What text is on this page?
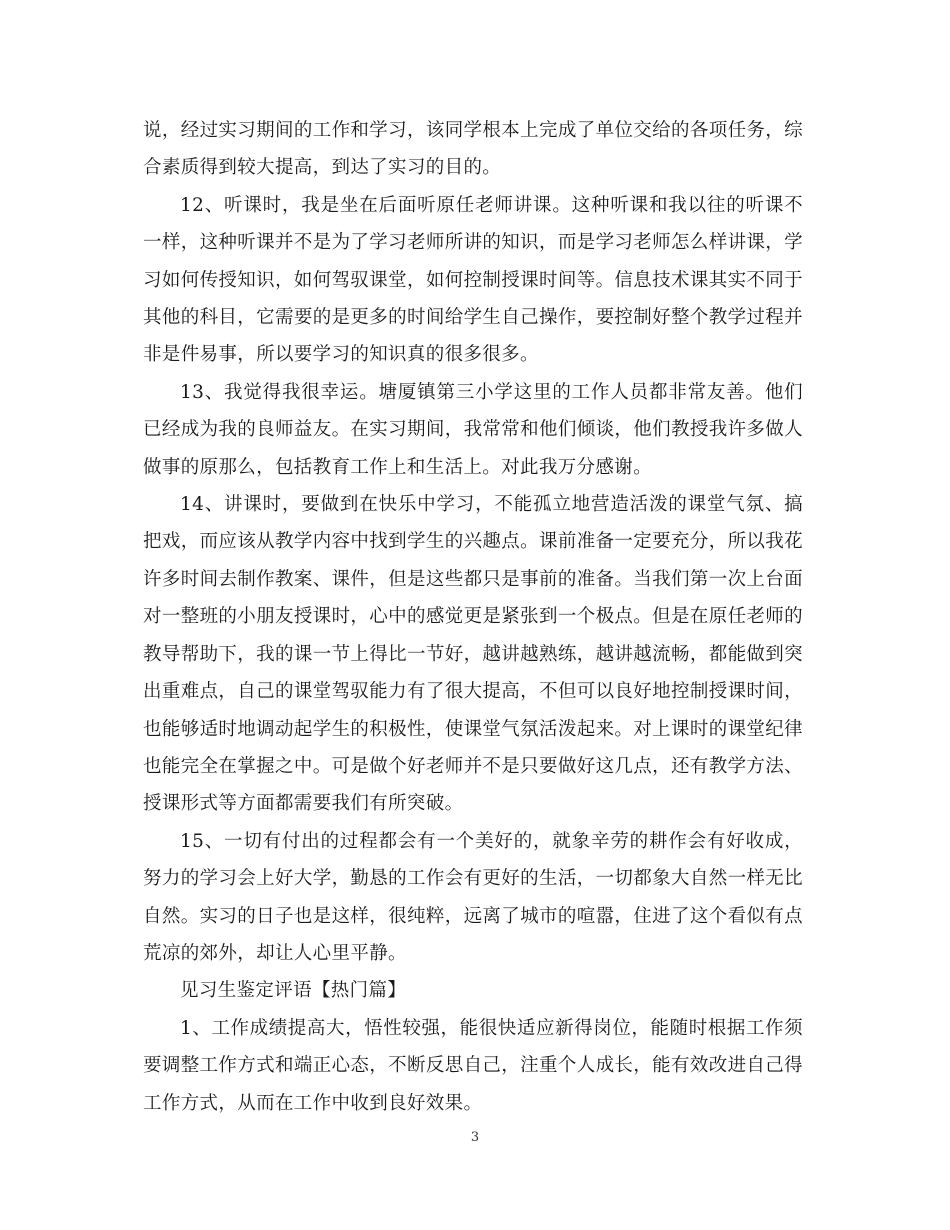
说，经过实习期间的工作和学习，该同学根本上完成了单位交给的各项任务，综合素质得到较大提高，到达了实习的目的。

12、听课时，我是坐在后面听原任老师讲课。这种听课和我以往的听课不一样，这种听课并不是为了学习老师所讲的知识，而是学习老师怎么样讲课，学习如何传授知识，如何驾驭课堂，如何控制授课时间等。信息技术课其实不同于其他的科目，它需要的是更多的时间给学生自己操作，要控制好整个教学过程并非是件易事，所以要学习的知识真的很多很多。

13、我觉得我很幸运。塘厦镇第三小学这里的工作人员都非常友善。他们已经成为我的良师益友。在实习期间，我常常和他们倾谈，他们教授我许多做人做事的原那么，包括教育工作上和生活上。对此我万分感谢。

14、讲课时，要做到在快乐中学习，不能孤立地营造活泼的课堂气氛、搞把戏，而应该从教学内容中找到学生的兴趣点。课前准备一定要充分，所以我花许多时间去制作教案、课件，但是这些都只是事前的准备。当我们第一次上台面对一整班的小朋友授课时，心中的感觉更是紧张到一个极点。但是在原任老师的教导帮助下，我的课一节上得比一节好，越讲越熟练，越讲越流畅，都能做到突出重难点，自己的课堂驾驭能力有了很大提高，不但可以良好地控制授课时间，也能够适时地调动起学生的积极性，使课堂气氛活泼起来。对上课时的课堂纪律也能完全在掌握之中。可是做个好老师并不是只要做好这几点，还有教学方法、授课形式等方面都需要我们有所突破。

15、一切有付出的过程都会有一个美好的，就象辛劳的耕作会有好收成，努力的学习会上好大学，勤恳的工作会有更好的生活，一切都象大自然一样无比自然。实习的日子也是这样，很纯粹，远离了城市的喧嚣，住进了这个看似有点荒凉的郊外，却让人心里平静。

见习生鉴定评语【热门篇】

1、工作成绩提高大，悟性较强，能很快适应新得岗位，能随时根据工作须要调整工作方式和端正心态，不断反思自己，注重个人成长，能有效改进自己得工作方式，从而在工作中收到良好效果。

3
